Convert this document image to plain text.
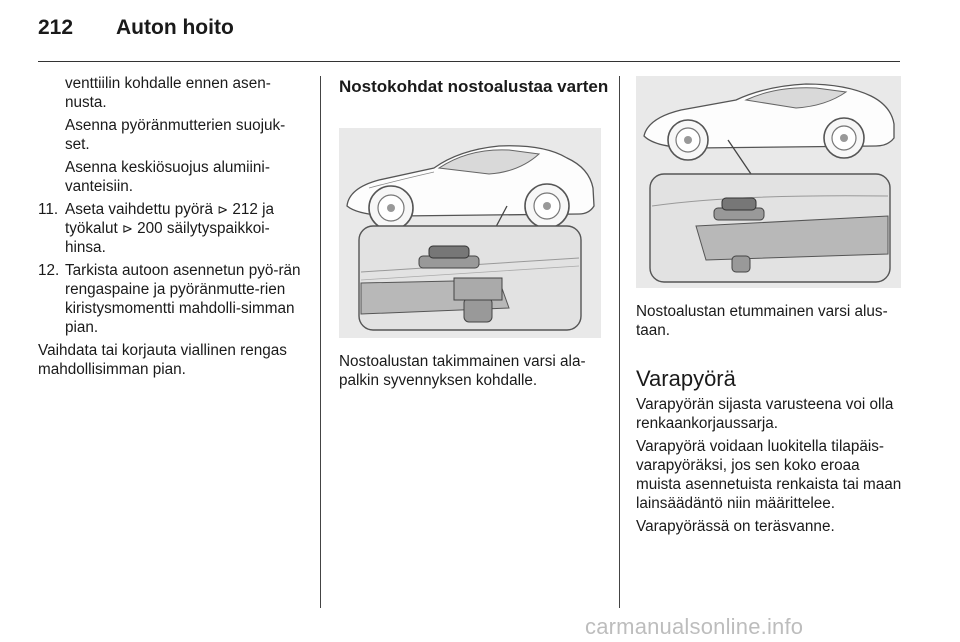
212 Auton hoito

venttiilin kohdalle ennen asen-nusta.

Asenna pyöränmutterien suojuk-set.

Asenna keskiösuojus alumiini-vanteisiin.

11. Aseta vaihdettu pyörä ⊳ 212 ja työkalut ⊳ 200 säilytyspaikkoi-hinsa.
12. Tarkista autoon asennetun pyö-rän rengaspaine ja pyöränmutte-rien kiristysmomentti mahdolli-simman pian.

Vaihdata tai korjauta viallinen rengas mahdollisimman pian.

Nostokohdat nostoalustaa varten

Nostoalustan takimmainen varsi ala-palkin syvennyksen kohdalle.

Nostoalustan etummainen varsi alus-taan.

Varapyörä

Varapyörän sijasta varusteena voi olla renkaankorjaussarja.

Varapyörä voidaan luokitella tilapäis-varapyöräksi, jos sen koko eroaa muista asennetuista renkaista tai maan lainsäädäntö niin määrittelee.

Varapyörässä on teräsvanne.

carmanualsonline.info
